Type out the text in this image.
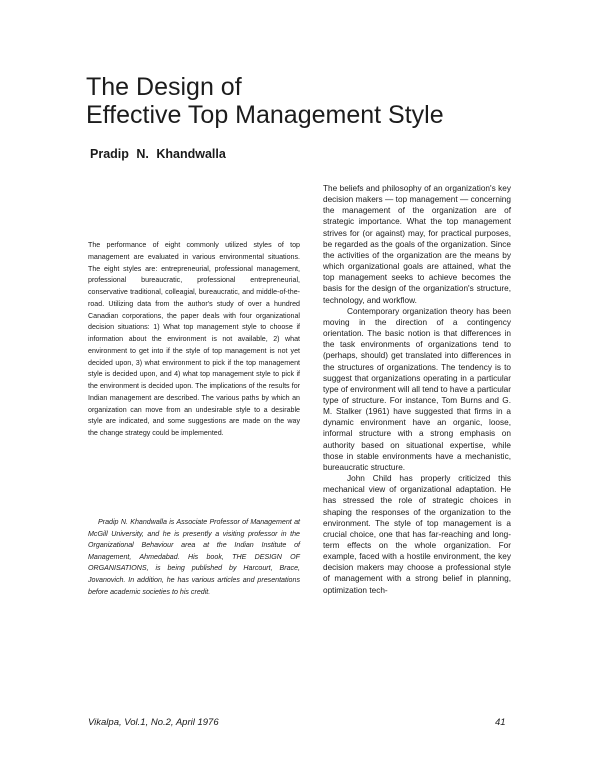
The Design of
Effective Top Management Style
Pradip N. Khandwalla

The performance of eight commonly utilized styles of top management are evaluated in various environmental situations. The eight styles are: entrepreneurial, professional management, professional bureaucratic, professional entrepreneurial, conservative traditional, colleagial, bureaucratic, and middle-of-the-road. Utilizing data from the author's study of over a hundred Canadian corporations, the paper deals with four organizational decision situations: 1) What top management style to choose if information about the environment is not available, 2) what environment to get into if the style of top management is not yet decided upon, 3) what environment to pick if the top management style is decided upon, and 4) what top management style to pick if the environment is decided upon. The implications of the results for Indian management are described. The various paths by which an organization can move from an undesirable style to a desirable style are indicated, and some suggestions are made on the way the change strategy could be implemented.

Pradip N. Khandwalla is Associate Professor of Management at McGill University, and he is presently a visiting professor in the Organizational Behaviour area at the Indian Institute of Management, Ahmedabad. His book, THE DESIGN OF ORGANISATIONS, is being published by Harcourt, Brace, Jovanovich. In addition, he has various articles and presentations before academic societies to his credit.

The beliefs and philosophy of an organization's key decision makers — top management — concerning the management of the organization are of strategic importance. What the top management strives for (or against) may, for practical purposes, be regarded as the goals of the organization. Since the activities of the organization are the means by which organizational goals are attained, what the top management seeks to achieve becomes the basis for the design of the organization's structure, technology, and workflow.

Contemporary organization theory has been moving in the direction of a contingency orientation. The basic notion is that differences in the task environments of organizations tend to (perhaps, should) get translated into differences in the structures of organizations. The tendency is to suggest that organizations operating in a particular type of environment will all tend to have a particular type of structure. For instance, Tom Burns and G. M. Stalker (1961) have suggested that firms in a dynamic environment have an organic, loose, informal structure with a strong emphasis on authority based on situational expertise, while those in stable environments have a mechanistic, bureaucratic structure.

John Child has properly criticized this mechanical view of organizational adaptation. He has stressed the role of strategic choices in shaping the responses of the organization to the environment. The style of top management is a crucial choice, one that has far-reaching and long-term effects on the whole organization. For example, faced with a hostile environment, the key decision makers may choose a professional style of management with a strong belief in planning, optimization tech-

Vikalpa, Vol.1, No.2, April 1976	41
